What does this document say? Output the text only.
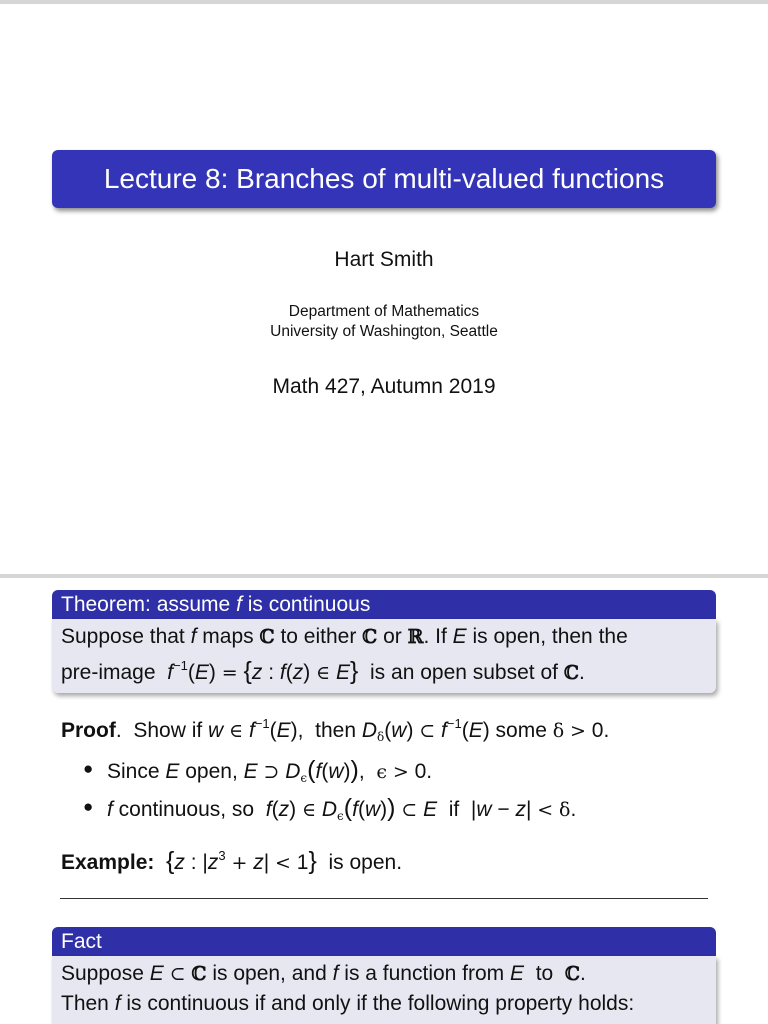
Lecture 8: Branches of multi-valued functions
Hart Smith
Department of Mathematics
University of Washington, Seattle
Math 427, Autumn 2019
Theorem: assume f is continuous
Suppose that f maps ℂ to either ℂ or ℝ. If E is open, then the
pre-image  $f^{-1}(E) = \{z$ : f(z) ∈ E}  is an open subset of ℂ.
Proof.  Show if w ∈ $f^{-1}(E)$,  then $D_\delta(w)$ ⊂ $f^{-1}(E)$ some δ > 0.
● Since E open, E ⊃ $D_\epsilon(f(w))$,  ϵ > 0.
● f continuous, so  f(z) ∈ $D_\epsilon(f(w))$ ⊂ E  if  |w − z| < δ.
Example: {z : $|z^3 + z| < 1$}  is open.
Fact
Suppose E ⊂ ℂ is open, and f is a function from E  to  ℂ.
Then f is continuous if and only if the following property holds:
